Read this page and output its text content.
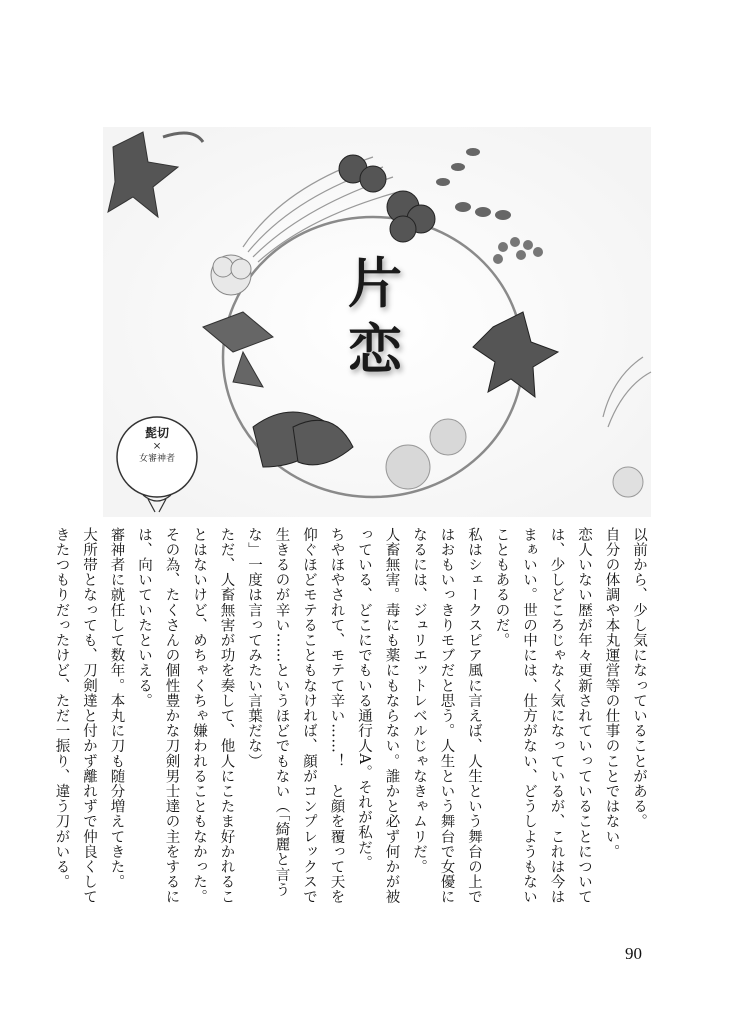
髭切
×
女審神者
片
恋

以前から、少し気になっていることがある。

自分の体調や本丸運営等の仕事のことではない。

恋人いない歴が年々更新されていっていることについては、少しどころじゃなく気になっているが、これは今はまぁいい。世の中には、仕方がない、どうしようもないこともあるのだ。

私はシェークスピア風に言えば、人生という舞台の上ではおもいっきりモブだと思う。人生という舞台で女優になるには、ジュリエットレベルじゃなきゃムリだ。

人畜無害。毒にも薬にもならない。誰かと必ず何かが被っている、どこにでもいる通行人A。それが私だ。

ちやほやされて、モテて辛い……！　と顔を覆って天を仰ぐほどモテることもなければ、顔がコンプレックスで生きるのが辛い……というほどでもない（「綺麗と言うな」一度は言ってみたい言葉だな）

ただ、人畜無害が功を奏して、他人にこたま好かれることはないけど、めちゃくちゃ嫌われることもなかった。その為、たくさんの個性豊かな刀剣男士達の主をするには、向いていたといえる。

審神者に就任して数年。本丸に刀も随分増えてきた。

大所帯となっても、刀剣達と付かず離れずで仲良くしてきたつもりだったけど、ただ一振り、違う刀がいる。

90
